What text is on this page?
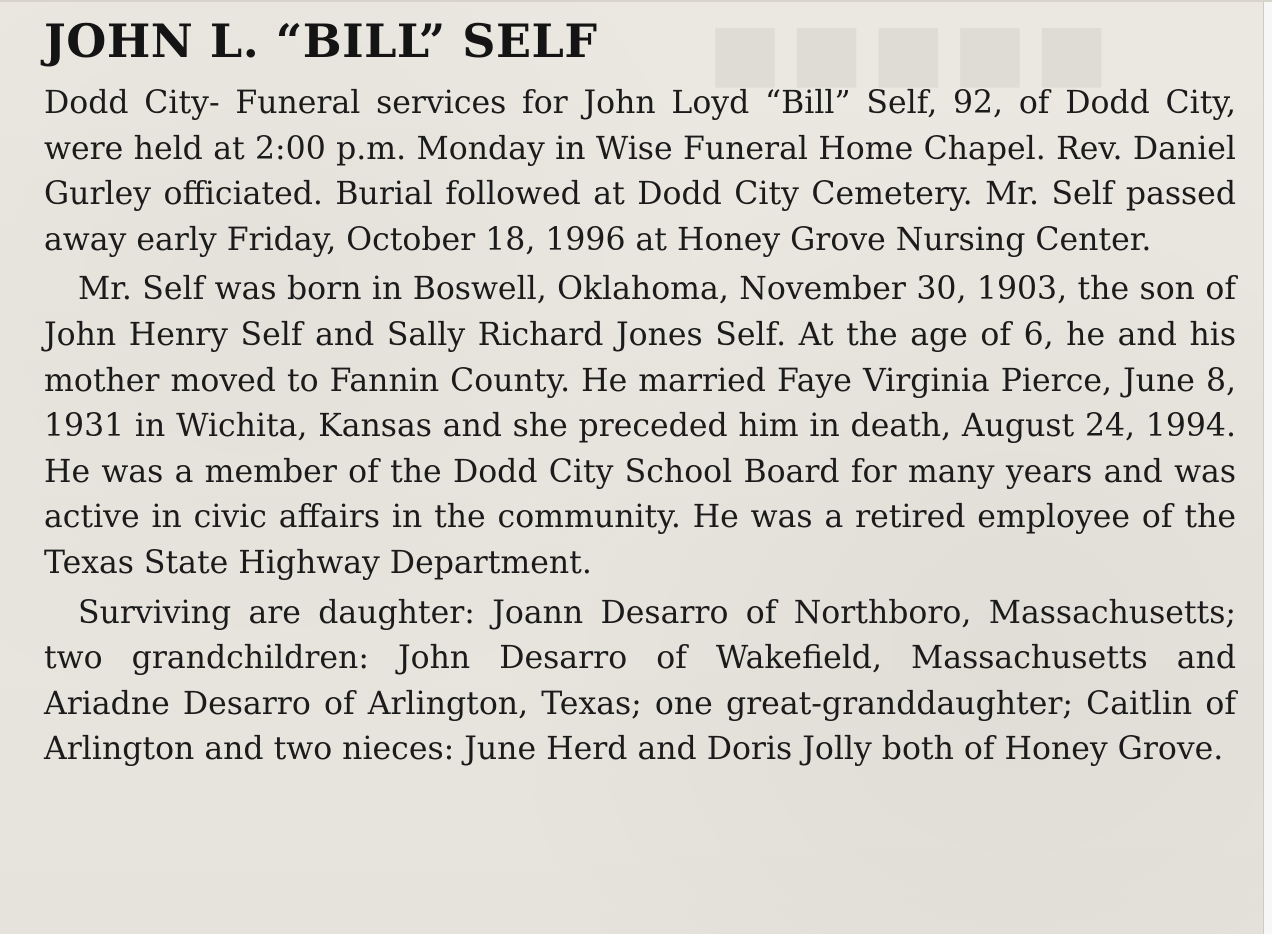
■■■■■
JOHN L. “BILL” SELF

Dodd City- Funeral services for John Loyd “Bill” Self, 92, of Dodd City, were held at 2:00 p.m. Monday in Wise Funeral Home Chapel. Rev. Daniel Gurley officiated. Burial followed at Dodd City Cemetery. Mr. Self passed away early Friday, October 18, 1996 at Honey Grove Nursing Center.

Mr. Self was born in Boswell, Oklahoma, November 30, 1903, the son of John Henry Self and Sally Richard Jones Self. At the age of 6, he and his mother moved to Fannin County. He married Faye Virginia Pierce, June 8, 1931 in Wichita, Kansas and she preceded him in death, August 24, 1994. He was a member of the Dodd City School Board for many years and was active in civic affairs in the community. He was a retired employee of the Texas State Highway Department.

Surviving are daughter: Joann Desarro of Northboro, Massachusetts; two grandchildren: John Desarro of Wakefield, Massachusetts and Ariadne Desarro of Arlington, Texas; one great-granddaughter; Caitlin of Arlington and two nieces: June Herd and Doris Jolly both of Honey Grove.
